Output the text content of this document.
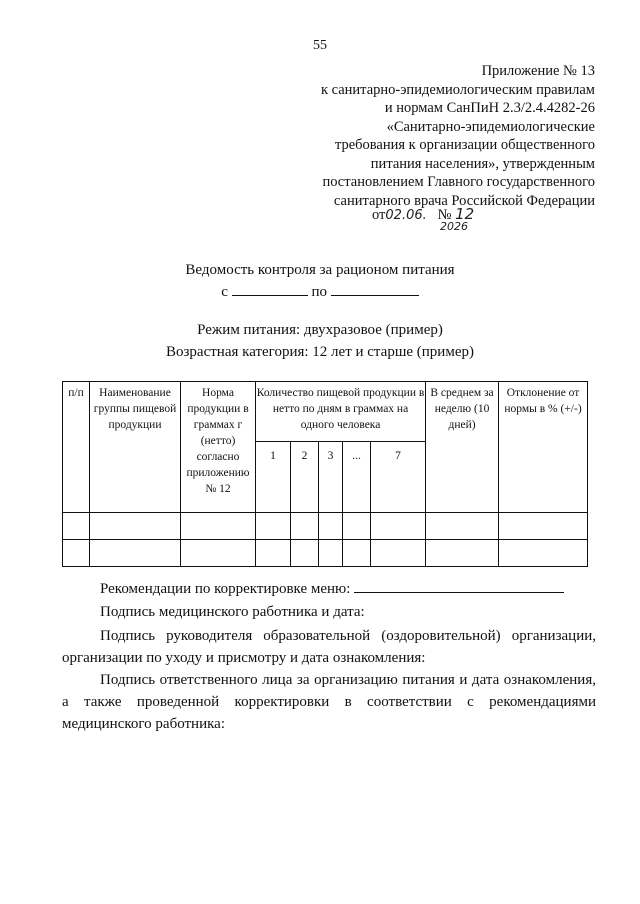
55
Приложение № 13
к санитарно-эпидемиологическим правилам
и нормам СанПиН 2.3/2.4.4282-26
«Санитарно-эпидемиологические
требования к организации общественного
питания населения», утвержденным
постановлением Главного государственного
санитарного врача Российской Федерации
от02.06. № 12
2026
Ведомость контроля за рационом питания
с	по
Режим питания: двухразовое (пример)
Возрастная категория: 12 лет и старше (пример)
п/п	Наименование группы пищевой продукции	Норма продукции в граммах г (нетто) согласно приложению № 12	Количество пищевой продукции в нетто по дням в граммах на одного человека					В среднем за неделю (10 дней)	Отклонение от нормы в % (+/-)
			1	2	3	...	7		

Рекомендации по корректировке меню:
Подпись медицинского работника и дата:
Подпись руководителя образовательной (оздоровительной) организации, организации по уходу и присмотру и дата ознакомления:
Подпись ответственного лица за организацию питания и дата ознакомления, а также проведенной корректировки в соответствии с рекомендациями медицинского работника:
